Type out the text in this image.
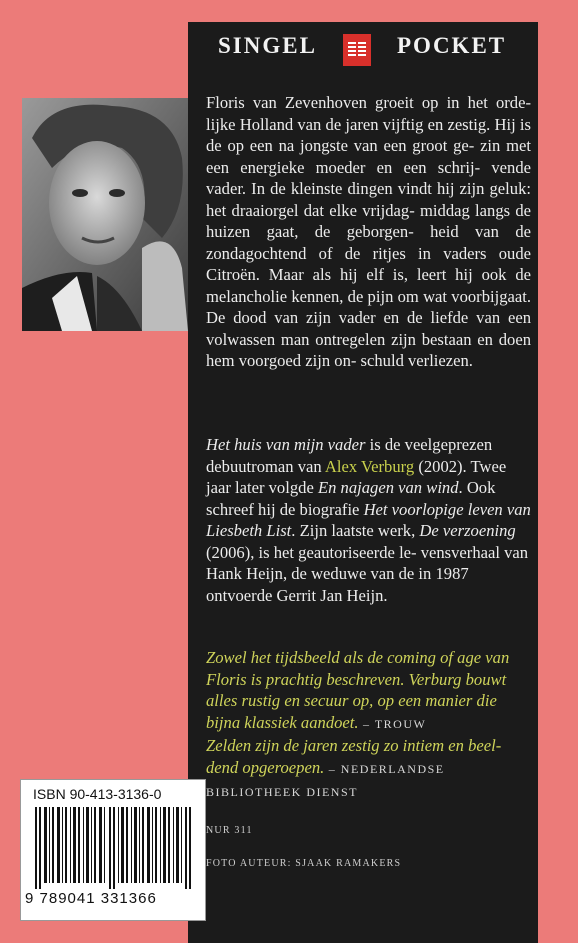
SINGEL	POCKET

Floris van Zevenhoven groeit op in het orde- lijke Holland van de jaren vijftig en zestig. Hij is de op een na jongste van een groot ge- zin met een energieke moeder en een schrij- vende vader. In de kleinste dingen vindt hij zijn geluk: het draaiorgel dat elke vrijdag- middag langs de huizen gaat, de geborgen- heid van de zondagochtend of de ritjes in vaders oude Citroën. Maar als hij elf is, leert hij ook de melancholie kennen, de pijn om wat voorbijgaat. De dood van zijn vader en de liefde van een volwassen man ontregelen zijn bestaan en doen hem voorgoed zijn on- schuld verliezen.

Het huis van mijn vader is de veelgeprezen debuutroman van Alex Verburg (2002). Twee jaar later volgde En najagen van wind. Ook schreef hij de biografie Het voorlopige leven van Liesbeth List. Zijn laatste werk, De verzoening (2006), is het geautoriseerde le- vensverhaal van Hank Heijn, de weduwe van de in 1987 ontvoerde Gerrit Jan Heijn.

Zowel het tijdsbeeld als de coming of age van Floris is prachtig beschreven. Verburg bouwt alles rustig en secuur op, op een manier die bijna klassiek aandoet. – TROUW

Zelden zijn de jaren zestig zo intiem en beel- dend opgeroepen. – NEDERLANDSE BIBLIOTHEEK DIENST

NUR 311
FOTO AUTEUR: SJAAK RAMAKERS
ISBN 90-413-3136-0
9 789041 331366
